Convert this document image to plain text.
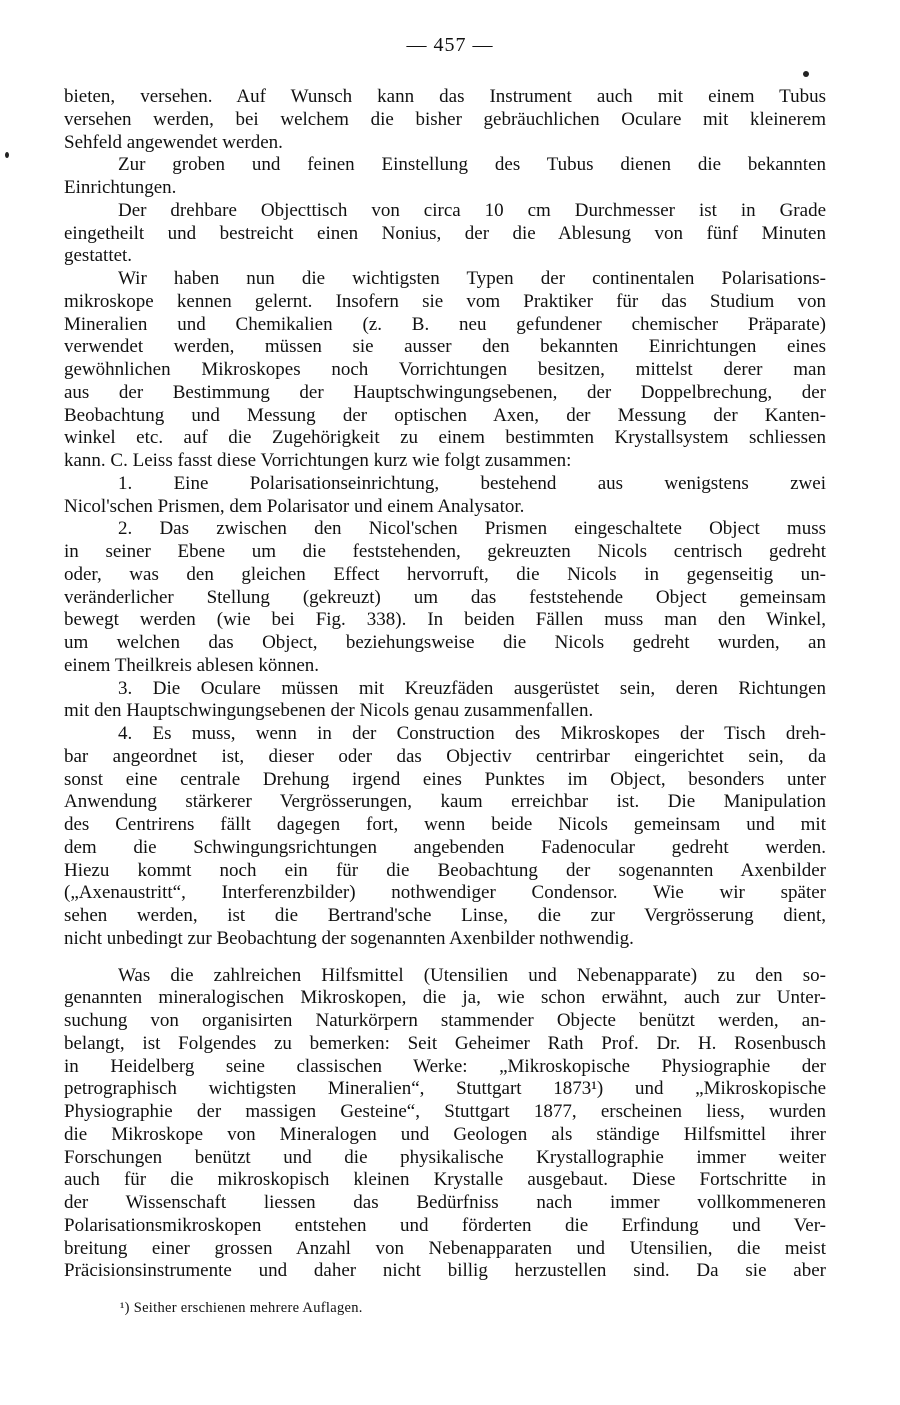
— 457 —
bieten, versehen. Auf Wunsch kann das Instrument auch mit einem Tubus
versehen werden, bei welchem die bisher gebräuchlichen Oculare mit kleinerem
Sehfeld angewendet werden.
Zur groben und feinen Einstellung des Tubus dienen die bekannten
Einrichtungen.
Der drehbare Objecttisch von circa 10 cm Durchmesser ist in Grade
eingetheilt und bestreicht einen Nonius, der die Ablesung von fünf Minuten
gestattet.
Wir haben nun die wichtigsten Typen der continentalen Polarisations-
mikroskope kennen gelernt. Insofern sie vom Praktiker für das Studium von
Mineralien und Chemikalien (z. B. neu gefundener chemischer Präparate)
verwendet werden, müssen sie ausser den bekannten Einrichtungen eines
gewöhnlichen Mikroskopes noch Vorrichtungen besitzen, mittelst derer man
aus der Bestimmung der Hauptschwingungsebenen, der Doppelbrechung, der
Beobachtung und Messung der optischen Axen, der Messung der Kanten-
winkel etc. auf die Zugehörigkeit zu einem bestimmten Krystallsystem schliessen
kann. C. Leiss fasst diese Vorrichtungen kurz wie folgt zusammen:
1. Eine Polarisationseinrichtung, bestehend aus wenigstens zwei
Nicol'schen Prismen, dem Polarisator und einem Analysator.
2. Das zwischen den Nicol'schen Prismen eingeschaltete Object muss
in seiner Ebene um die feststehenden, gekreuzten Nicols centrisch gedreht
oder, was den gleichen Effect hervorruft, die Nicols in gegenseitig un-
veränderlicher Stellung (gekreuzt) um das feststehende Object gemeinsam
bewegt werden (wie bei Fig. 338). In beiden Fällen muss man den Winkel,
um welchen das Object, beziehungsweise die Nicols gedreht wurden, an
einem Theilkreis ablesen können.
3. Die Oculare müssen mit Kreuzfäden ausgerüstet sein, deren Richtungen
mit den Hauptschwingungsebenen der Nicols genau zusammenfallen.
4. Es muss, wenn in der Construction des Mikroskopes der Tisch dreh-
bar angeordnet ist, dieser oder das Objectiv centrirbar eingerichtet sein, da
sonst eine centrale Drehung irgend eines Punktes im Object, besonders unter
Anwendung stärkerer Vergrösserungen, kaum erreichbar ist. Die Manipulation
des Centrirens fällt dagegen fort, wenn beide Nicols gemeinsam und mit
dem die Schwingungsrichtungen angebenden Fadenocular gedreht werden.
Hiezu kommt noch ein für die Beobachtung der sogenannten Axenbilder
(„Axenaustritt“, Interferenzbilder) nothwendiger Condensor. Wie wir später
sehen werden, ist die Bertrand'sche Linse, die zur Vergrösserung dient,
nicht unbedingt zur Beobachtung der sogenannten Axenbilder nothwendig.
Was die zahlreichen Hilfsmittel (Utensilien und Nebenapparate) zu den so-
genannten mineralogischen Mikroskopen, die ja, wie schon erwähnt, auch zur Unter-
suchung von organisirten Naturkörpern stammender Objecte benützt werden, an-
belangt, ist Folgendes zu bemerken: Seit Geheimer Rath Prof. Dr. H. Rosenbusch
in Heidelberg seine classischen Werke: „Mikroskopische Physiographie der
petrographisch wichtigsten Mineralien“, Stuttgart 1873¹) und „Mikroskopische
Physiographie der massigen Gesteine“, Stuttgart 1877, erscheinen liess, wurden
die Mikroskope von Mineralogen und Geologen als ständige Hilfsmittel ihrer
Forschungen benützt und die physikalische Krystallographie immer weiter
auch für die mikroskopisch kleinen Krystalle ausgebaut. Diese Fortschritte in
der Wissenschaft liessen das Bedürfniss nach immer vollkommeneren
Polarisationsmikroskopen entstehen und förderten die Erfindung und Ver-
breitung einer grossen Anzahl von Nebenapparaten und Utensilien, die meist
Präcisionsinstrumente und daher nicht billig herzustellen sind. Da sie aber
¹) Seither erschienen mehrere Auflagen.
